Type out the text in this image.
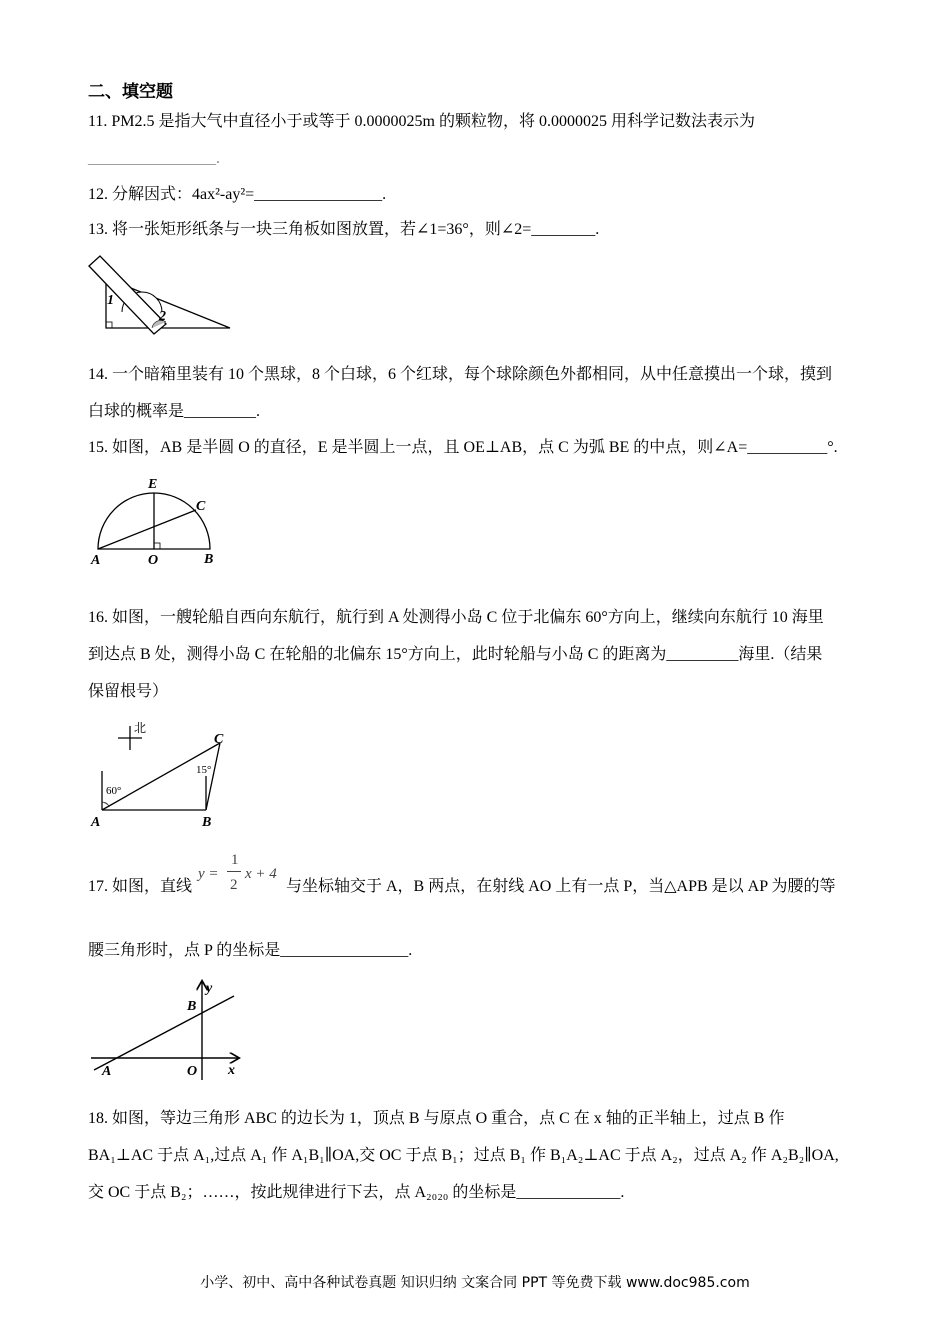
二、填空题
11. PM2.5 是指大气中直径小于或等于 0.0000025m 的颗粒物，将 0.0000025 用科学记数法表示为
________________.
12. 分解因式：4ax²-ay²=________________.
13. 将一张矩形纸条与一块三角板如图放置，若∠1=36°，则∠2=________.
1
2
14. 一个暗箱里装有 10 个黑球，8 个白球，6 个红球，每个球除颜色外都相同，从中任意摸出一个球，摸到
白球的概率是_________.
15. 如图，AB 是半圆 O 的直径，E 是半圆上一点，且 OE⊥AB，点 C 为弧 BE 的中点，则∠A=__________°.
E
C
A	O	B
16. 如图，一艘轮船自西向东航行，航行到 A 处测得小岛 C 位于北偏东 60°方向上，继续向东航行 10 海里
到达点 B 处，测得小岛 C 在轮船的北偏东 15°方向上，此时轮船与小岛 C 的距离为_________海里.（结果
保留根号）
北
60°
15°
C
A	B
17. 如图，直线
y =
1
2
x + 4
与坐标轴交于 A，B 两点，在射线 AO 上有一点 P，当△APB 是以 AP 为腰的等
腰三角形时，点 P 的坐标是________________.
y
x
A
B
O
18. 如图，等边三角形 ABC 的边长为 1，顶点 B 与原点 O 重合，点 C 在 x 轴的正半轴上，过点 B 作
BA₁⊥AC 于点 A₁,过点 A₁ 作 A₁B₁∥OA,交 OC 于点 B₁；过点 B₁ 作 B₁A₂⊥AC 于点 A₂，过点 A₂ 作 A₂B₂∥OA,
交 OC 于点 B₂；……，按此规律进行下去，点 A₂₀₂₀ 的坐标是_____________.
小学、初中、高中各种试卷真题 知识归纳 文案合同 PPT 等免费下载 www.doc985.com
